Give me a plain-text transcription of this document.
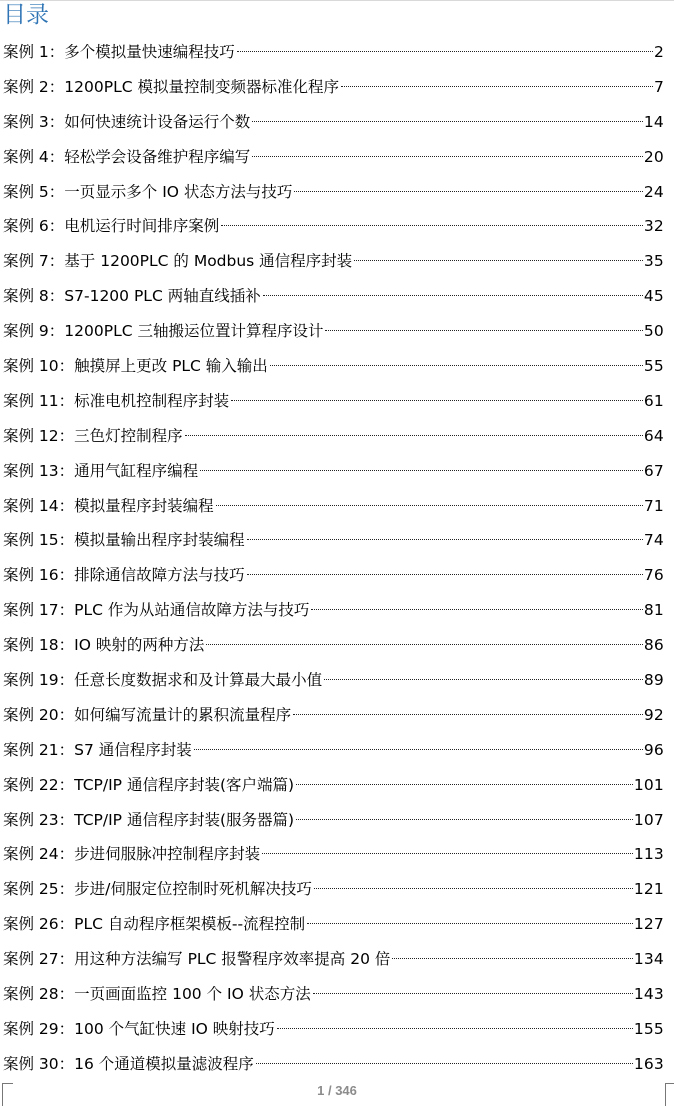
目录
案例 1：多个模拟量快速编程技巧	2
案例 2：1200PLC 模拟量控制变频器标准化程序	7
案例 3：如何快速统计设备运行个数	14
案例 4：轻松学会设备维护程序编写	20
案例 5：一页显示多个 IO 状态方法与技巧	24
案例 6：电机运行时间排序案例	32
案例 7：基于 1200PLC 的 Modbus 通信程序封装	35
案例 8：S7-1200 PLC 两轴直线插补	45
案例 9：1200PLC 三轴搬运位置计算程序设计	50
案例 10：触摸屏上更改 PLC 输入输出	55
案例 11：标准电机控制程序封装	61
案例 12：三色灯控制程序	64
案例 13：通用气缸程序编程	67
案例 14：模拟量程序封装编程	71
案例 15：模拟量输出程序封装编程	74
案例 16：排除通信故障方法与技巧	76
案例 17：PLC 作为从站通信故障方法与技巧	81
案例 18：IO 映射的两种方法	86
案例 19：任意长度数据求和及计算最大最小值	89
案例 20：如何编写流量计的累积流量程序	92
案例 21：S7 通信程序封装	96
案例 22：TCP/IP 通信程序封装(客户端篇)	101
案例 23：TCP/IP 通信程序封装(服务器篇)	107
案例 24：步进伺服脉冲控制程序封装	113
案例 25：步进/伺服定位控制时死机解决技巧	121
案例 26：PLC 自动程序框架模板--流程控制	127
案例 27：用这种方法编写 PLC 报警程序效率提高 20 倍	134
案例 28：一页画面监控 100 个 IO 状态方法	143
案例 29：100 个气缸快速 IO 映射技巧	155
案例 30：16 个通道模拟量滤波程序	163
1 / 346
